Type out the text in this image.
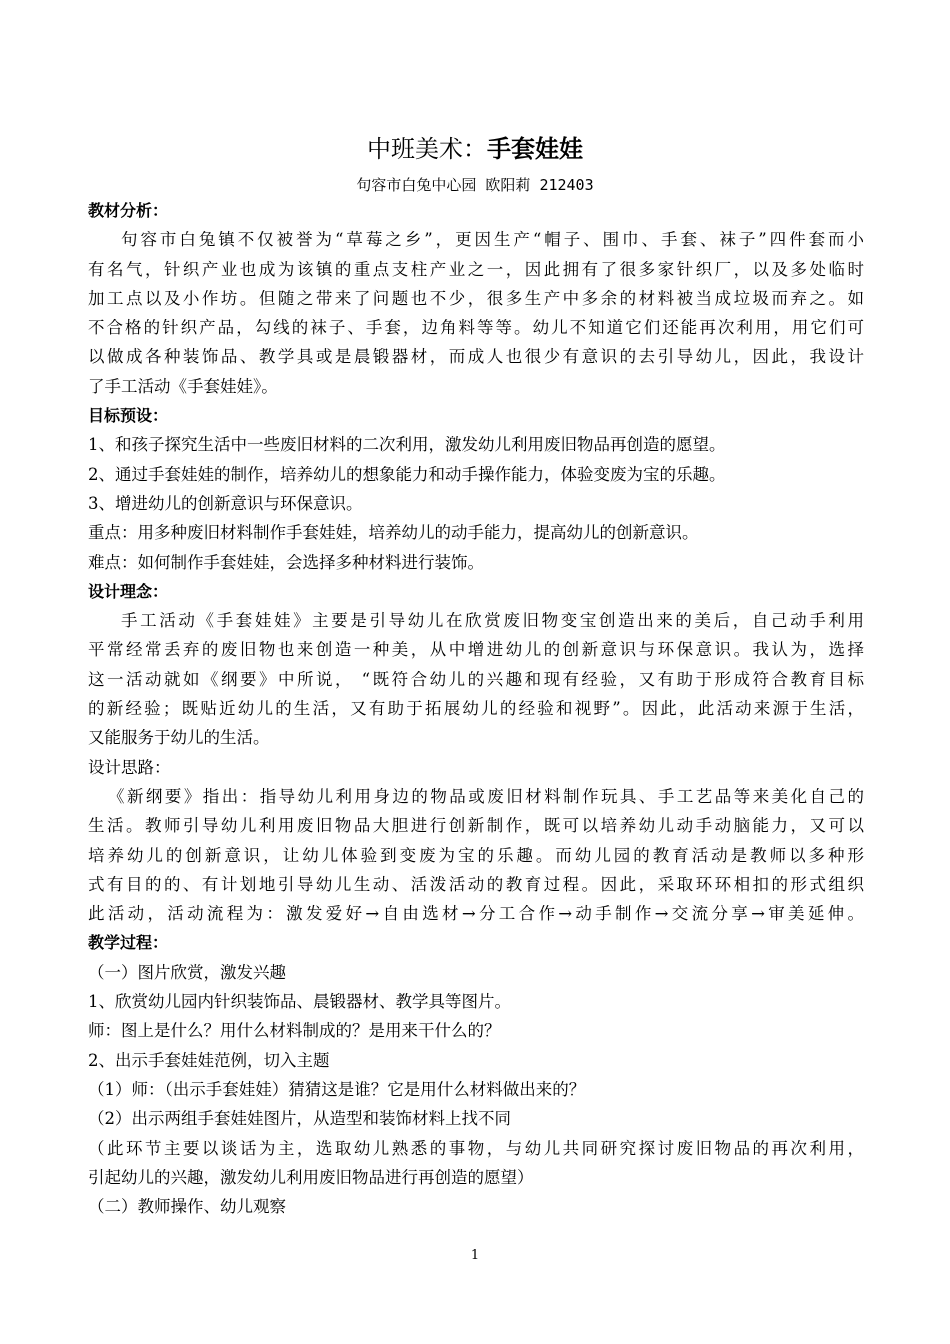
中班美术：手套娃娃
句容市白兔中心园 欧阳莉 212403
教材分析：
句容市白兔镇不仅被誉为“草莓之乡”，更因生产“帽子、围巾、手套、袜子”四件套而小
有名气，针织产业也成为该镇的重点支柱产业之一，因此拥有了很多家针织厂，以及多处临时
加工点以及小作坊。但随之带来了问题也不少，很多生产中多余的材料被当成垃圾而弃之。如
不合格的针织产品，勾线的袜子、手套，边角料等等。幼儿不知道它们还能再次利用，用它们可
以做成各种装饰品、教学具或是晨锻器材，而成人也很少有意识的去引导幼儿，因此，我设计
了手工活动《手套娃娃》。
目标预设：
1、和孩子探究生活中一些废旧材料的二次利用，激发幼儿利用废旧物品再创造的愿望。
2、通过手套娃娃的制作，培养幼儿的想象能力和动手操作能力，体验变废为宝的乐趣。
3、增进幼儿的创新意识与环保意识。
重点：用多种废旧材料制作手套娃娃，培养幼儿的动手能力，提高幼儿的创新意识。
难点：如何制作手套娃娃，会选择多种材料进行装饰。
设计理念：
手工活动《手套娃娃》主要是引导幼儿在欣赏废旧物变宝创造出来的美后，自己动手利用
平常经常丢弃的废旧物也来创造一种美，从中增进幼儿的创新意识与环保意识。我认为，选择
这一活动就如《纲要》中所说， “既符合幼儿的兴趣和现有经验，又有助于形成符合教育目标
的新经验；既贴近幼儿的生活，又有助于拓展幼儿的经验和视野”。因此，此活动来源于生活，
又能服务于幼儿的生活。
设计思路：
《新纲要》指出：指导幼儿利用身边的物品或废旧材料制作玩具、手工艺品等来美化自己的
生活。教师引导幼儿利用废旧物品大胆进行创新制作，既可以培养幼儿动手动脑能力，又可以
培养幼儿的创新意识，让幼儿体验到变废为宝的乐趣。而幼儿园的教育活动是教师以多种形
式有目的的、有计划地引导幼儿生动、活泼活动的教育过程。因此，采取环环相扣的形式组织
此活动，活动流程为：激发爱好→自由选材→分工合作→动手制作→交流分享→审美延伸。
教学过程：
（一）图片欣赏，激发兴趣
1、欣赏幼儿园内针织装饰品、晨锻器材、教学具等图片。
师：图上是什么？用什么材料制成的？是用来干什么的？
2、出示手套娃娃范例，切入主题
（1）师：（出示手套娃娃）猜猜这是谁？它是用什么材料做出来的？
（2）出示两组手套娃娃图片，从造型和装饰材料上找不同
（此环节主要以谈话为主，选取幼儿熟悉的事物，与幼儿共同研究探讨废旧物品的再次利用，
引起幼儿的兴趣，激发幼儿利用废旧物品进行再创造的愿望）
（二）教师操作、幼儿观察
1
